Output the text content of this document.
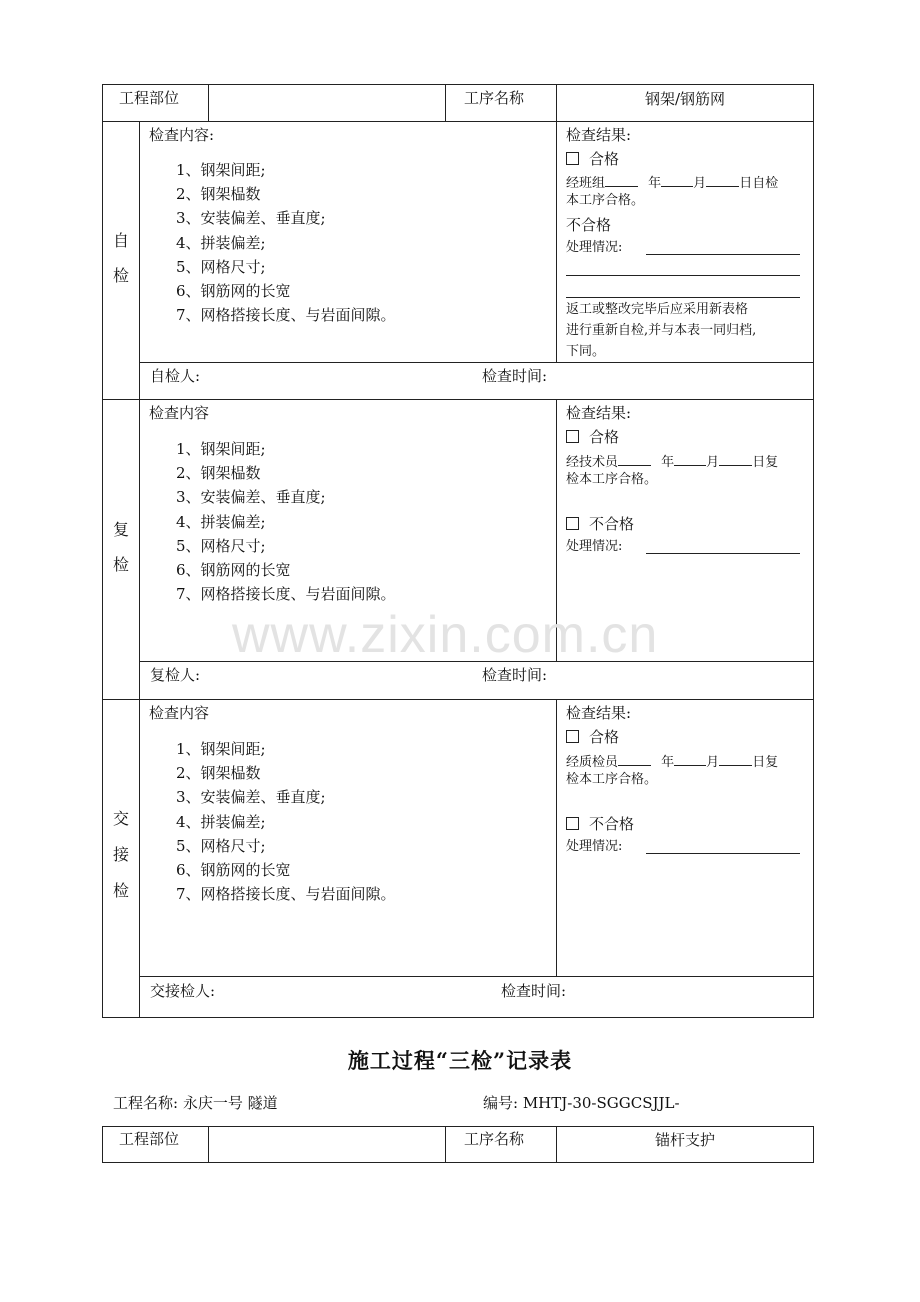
工程部位	工序名称	钢架/钢筋网
自
检
检查内容:
1、钢架间距;
2、钢架榀数
3、安装偏差、垂直度;
4、拼装偏差;
5、网格尺寸;
6、钢筋网的长宽
7、网格搭接长度、与岩面间隙。
检查结果:
合格
经班组	年 月	日自检
本工序合格。
不合格
处理情况:
返工或整改完毕后应采用新表格
进行重新自检,并与本表一同归档,
下同。
自检人:	检查时间:
复
检
检查内容
1、钢架间距;
2、钢架榀数
3、安装偏差、垂直度;
4、拼装偏差;
5、网格尺寸;
6、钢筋网的长宽
7、网格搭接长度、与岩面间隙。
检查结果:
合格
经技术员	年 月	日复
检本工序合格。
不合格
处理情况:
复检人:	检查时间:
www.zixin.com.cn
交
接
检
检查内容
1、钢架间距;
2、钢架榀数
3、安装偏差、垂直度;
4、拼装偏差;
5、网格尺寸;
6、钢筋网的长宽
7、网格搭接长度、与岩面间隙。
检查结果:
合格
经质检员	年 月	日复
检本工序合格。
不合格
处理情况:
交接检人:	检查时间:
施工过程“三检”记录表
工程名称: 永庆一号 隧道	编号: MHTJ-30-SGGCSJJL-
工程部位	工序名称	锚杆支护
